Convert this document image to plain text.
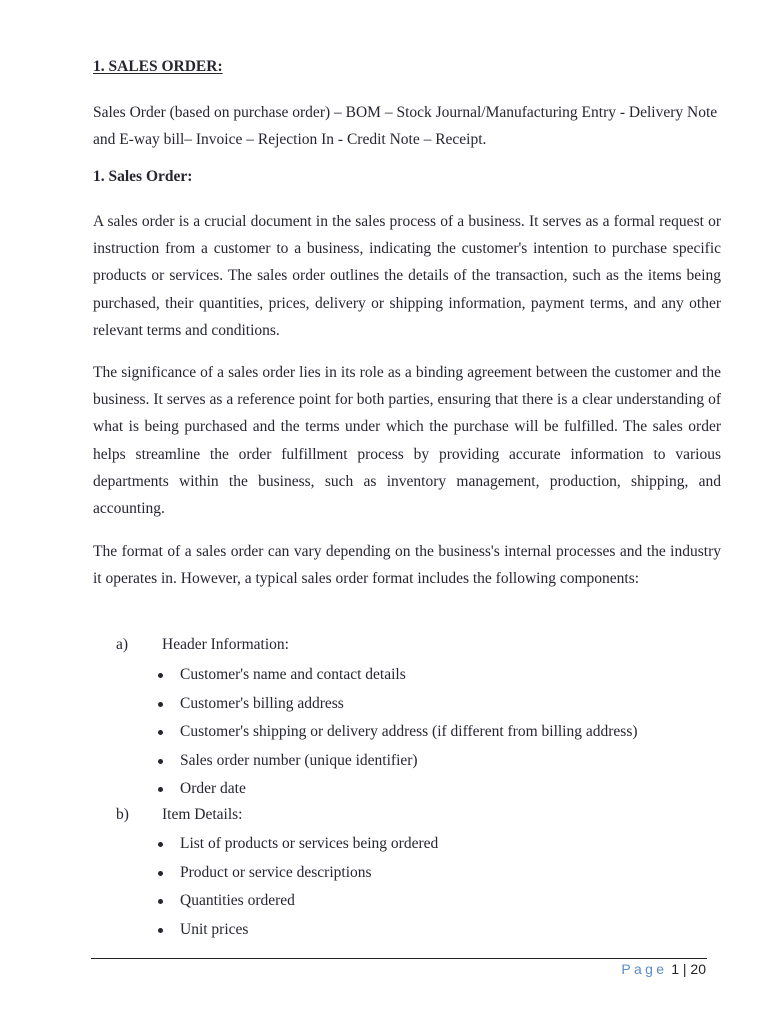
1. SALES ORDER:

Sales Order (based on purchase order) – BOM – Stock Journal/Manufacturing Entry - Delivery Note and E-way bill– Invoice – Rejection In - Credit Note – Receipt.

1. Sales Order:

A sales order is a crucial document in the sales process of a business. It serves as a formal request or instruction from a customer to a business, indicating the customer's intention to purchase specific products or services. The sales order outlines the details of the transaction, such as the items being purchased, their quantities, prices, delivery or shipping information, payment terms, and any other relevant terms and conditions.

The significance of a sales order lies in its role as a binding agreement between the customer and the business. It serves as a reference point for both parties, ensuring that there is a clear understanding of what is being purchased and the terms under which the purchase will be fulfilled. The sales order helps streamline the order fulfillment process by providing accurate information to various departments within the business, such as inventory management, production, shipping, and accounting.

The format of a sales order can vary depending on the business's internal processes and the industry it operates in. However, a typical sales order format includes the following components:

a) Header Information:
Customer's name and contact details
Customer's billing address
Customer's shipping or delivery address (if different from billing address)
Sales order number (unique identifier)
Order date
b) Item Details:
List of products or services being ordered
Product or service descriptions
Quantities ordered
Unit prices
Page 1 | 20
